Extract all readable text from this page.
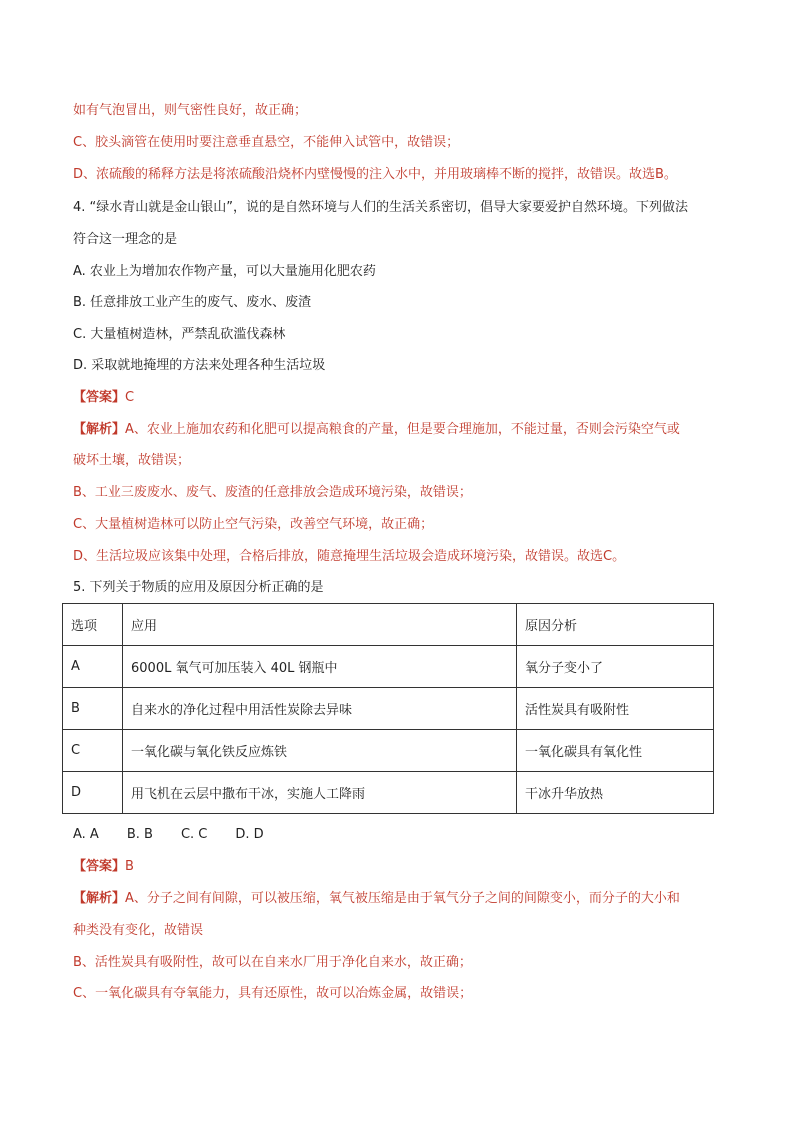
如有气泡冒出，则气密性良好，故正确；
C、胶头滴管在使用时要注意垂直悬空，不能伸入试管中，故错误；
D、浓硫酸的稀释方法是将浓硫酸沿烧杯内壁慢慢的注入水中，并用玻璃棒不断的搅拌，故错误。故选B。
4. “绿水青山就是金山银山”，说的是自然环境与人们的生活关系密切，倡导大家要爱护自然环境。下列做法
符合这一理念的是
A. 农业上为增加农作物产量，可以大量施用化肥农药
B. 任意排放工业产生的废气、废水、废渣
C. 大量植树造林，严禁乱砍滥伐森林
D. 采取就地掩埋的方法来处理各种生活垃圾
【答案】C
【解析】A、农业上施加农药和化肥可以提高粮食的产量，但是要合理施加，不能过量，否则会污染空气或
破坏土壤，故错误；
B、工业三废废水、废气、废渣的任意排放会造成环境污染，故错误；
C、大量植树造林可以防止空气污染，改善空气环境，故正确；
D、生活垃圾应该集中处理，合格后排放，随意掩埋生活垃圾会造成环境污染，故错误。故选C。
5. 下列关于物质的应用及原因分析正确的是
选项	应用	原因分析
A	6000L 氧气可加压装入 40L 钢瓶中	氧分子变小了
B	自来水的净化过程中用活性炭除去异味	活性炭具有吸附性
C	一氧化碳与氧化铁反应炼铁	一氧化碳具有氧化性
D	用飞机在云层中撒布干冰，实施人工降雨	干冰升华放热
A. A B. B C. C D. D
【答案】B
【解析】A、分子之间有间隙，可以被压缩，氧气被压缩是由于氧气分子之间的间隙变小，而分子的大小和
种类没有变化，故错误
B、活性炭具有吸附性，故可以在自来水厂用于净化自来水，故正确；
C、一氧化碳具有夺氧能力，具有还原性，故可以冶炼金属，故错误；
